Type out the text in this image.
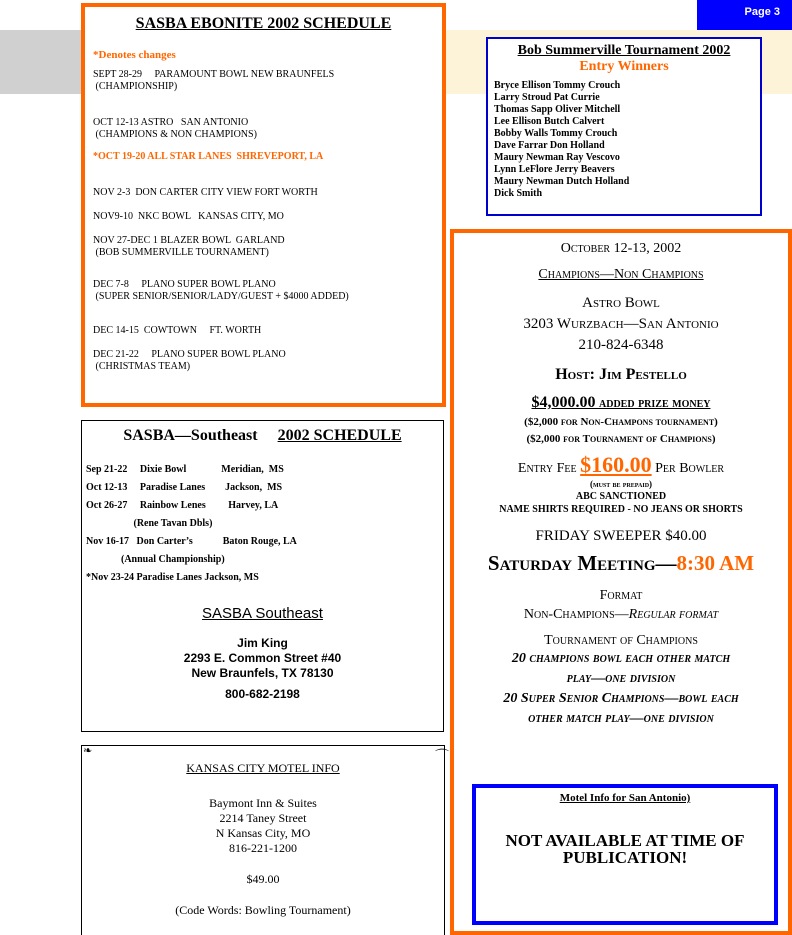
Page 3
SASBA EBONITE 2002 SCHEDULE
*Denotes changes
SEPT 28-29     PARAMOUNT BOWL NEW BRAUNFELS
(CHAMPIONSHIP)
OCT 12-13 ASTRO   SAN ANTONIO
(CHAMPIONS & NON CHAMPIONS)
*OCT 19-20 ALL STAR LANES  SHREVEPORT, LA
NOV 2-3  DON CARTER CITY VIEW FORT WORTH
NOV9-10  NKC BOWL   KANSAS CITY, MO
NOV 27-DEC 1 BLAZER BOWL  GARLAND
(BOB SUMMERVILLE TOURNAMENT)
DEC 7-8     PLANO SUPER BOWL PLANO
(SUPER SENIOR/SENIOR/LADY/GUEST + $4000 ADDED)
DEC 14-15  COWTOWN     FT. WORTH
DEC 21-22     PLANO SUPER BOWL PLANO
(CHRISTMAS TEAM)
Bob Summerville Tournament 2002
Entry Winners
Bryce Ellison Tommy Crouch
Larry Stroud Pat Currie
Thomas Sapp Oliver Mitchell
Lee Ellison Butch Calvert
Bobby Walls Tommy Crouch
Dave Farrar Don Holland
Maury Newman Ray Vescovo
Lynn LeFlore Jerry Beavers
Maury Newman Dutch Holland
Dick Smith
SASBA—Southeast 2002 SCHEDULE
Sep 21-22     Dixie Bowl              Meridian,  MS
Oct 12-13     Paradise Lanes        Jackson,  MS
Oct 26-27     Rainbow Lenes         Harvey, LA
(Rene Tavan Dbls)
Nov 16-17   Don Carter’s            Baton Rouge, LA
(Annual Championship)
*Nov 23-24 Paradise Lanes Jackson, MS
SASBA Southeast
Jim King
2293 E. Common Street #40
New Braunfels, TX 78130
800-682-2198
❧	⌒
KANSAS CITY MOTEL INFO
Baymont Inn & Suites
2214 Taney Street
N Kansas City, MO
816-221-1200
$49.00
(Code Words: Bowling Tournament)
October 12-13, 2002
Champions—Non Champions
Astro Bowl
3203 Wurzbach—San Antonio
210-824-6348
Host: Jim Pestello
$4,000.00 added prize money
($2,000 for Non-Champons tournament)
($2,000 for Tournament of Champions)
Entry Fee $160.00 Per Bowler
(must be prepaid)
ABC SANCTIONED
NAME SHIRTS REQUIRED - NO JEANS OR SHORTS
FRIDAY SWEEPER $40.00
Saturday Meeting—8:30 AM
Format
Non-Champions—Regular format
Tournament of Champions
20 champions bowl each other match
play—one division
20 Super Senior Champions—bowl each
other match play—one division
Motel Info for San Antonio)
NOT AVAILABLE AT TIME OF PUBLICATION!
